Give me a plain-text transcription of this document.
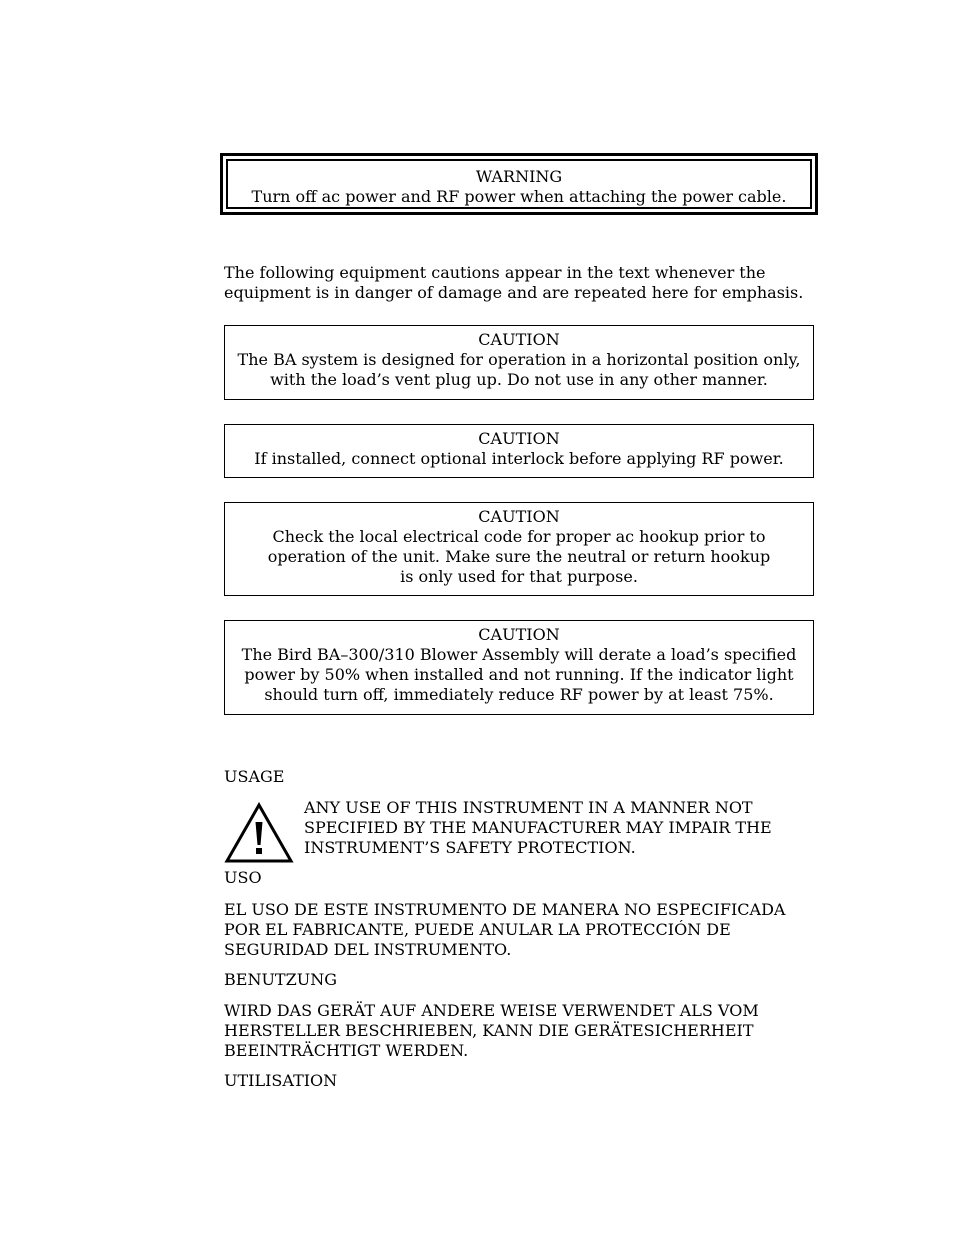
WARNING
Turn off ac power and RF power when attaching the power cable.
The following equipment cautions appear in the text whenever the
equipment is in danger of damage and are repeated here for emphasis.
CAUTION
The BA system is designed for operation in a horizontal position only,
with the load’s vent plug up. Do not use in any other manner.
CAUTION
If installed, connect optional interlock before applying RF power.
CAUTION
Check the local electrical code for proper ac hookup prior to
operation of the unit. Make sure the neutral or return hookup
is only used for that purpose.
CAUTION
The Bird BA–300/310 Blower Assembly will derate a load’s specified
power by 50% when installed and not running. If the indicator light
should turn off, immediately reduce RF power by at least 75%.
USAGE
ANY USE OF THIS INSTRUMENT IN A MANNER NOT
SPECIFIED BY THE MANUFACTURER MAY IMPAIR THE
INSTRUMENT’S SAFETY PROTECTION.
USO
EL USO DE ESTE INSTRUMENTO DE MANERA NO ESPECIFICADA
POR EL FABRICANTE, PUEDE ANULAR LA PROTECCIÓN DE
SEGURIDAD DEL INSTRUMENTO.
BENUTZUNG
WIRD DAS GERÄT AUF ANDERE WEISE VERWENDET ALS VOM
HERSTELLER BESCHRIEBEN, KANN DIE GERÄTESICHERHEIT
BEEINTRÄCHTIGT WERDEN.
UTILISATION
